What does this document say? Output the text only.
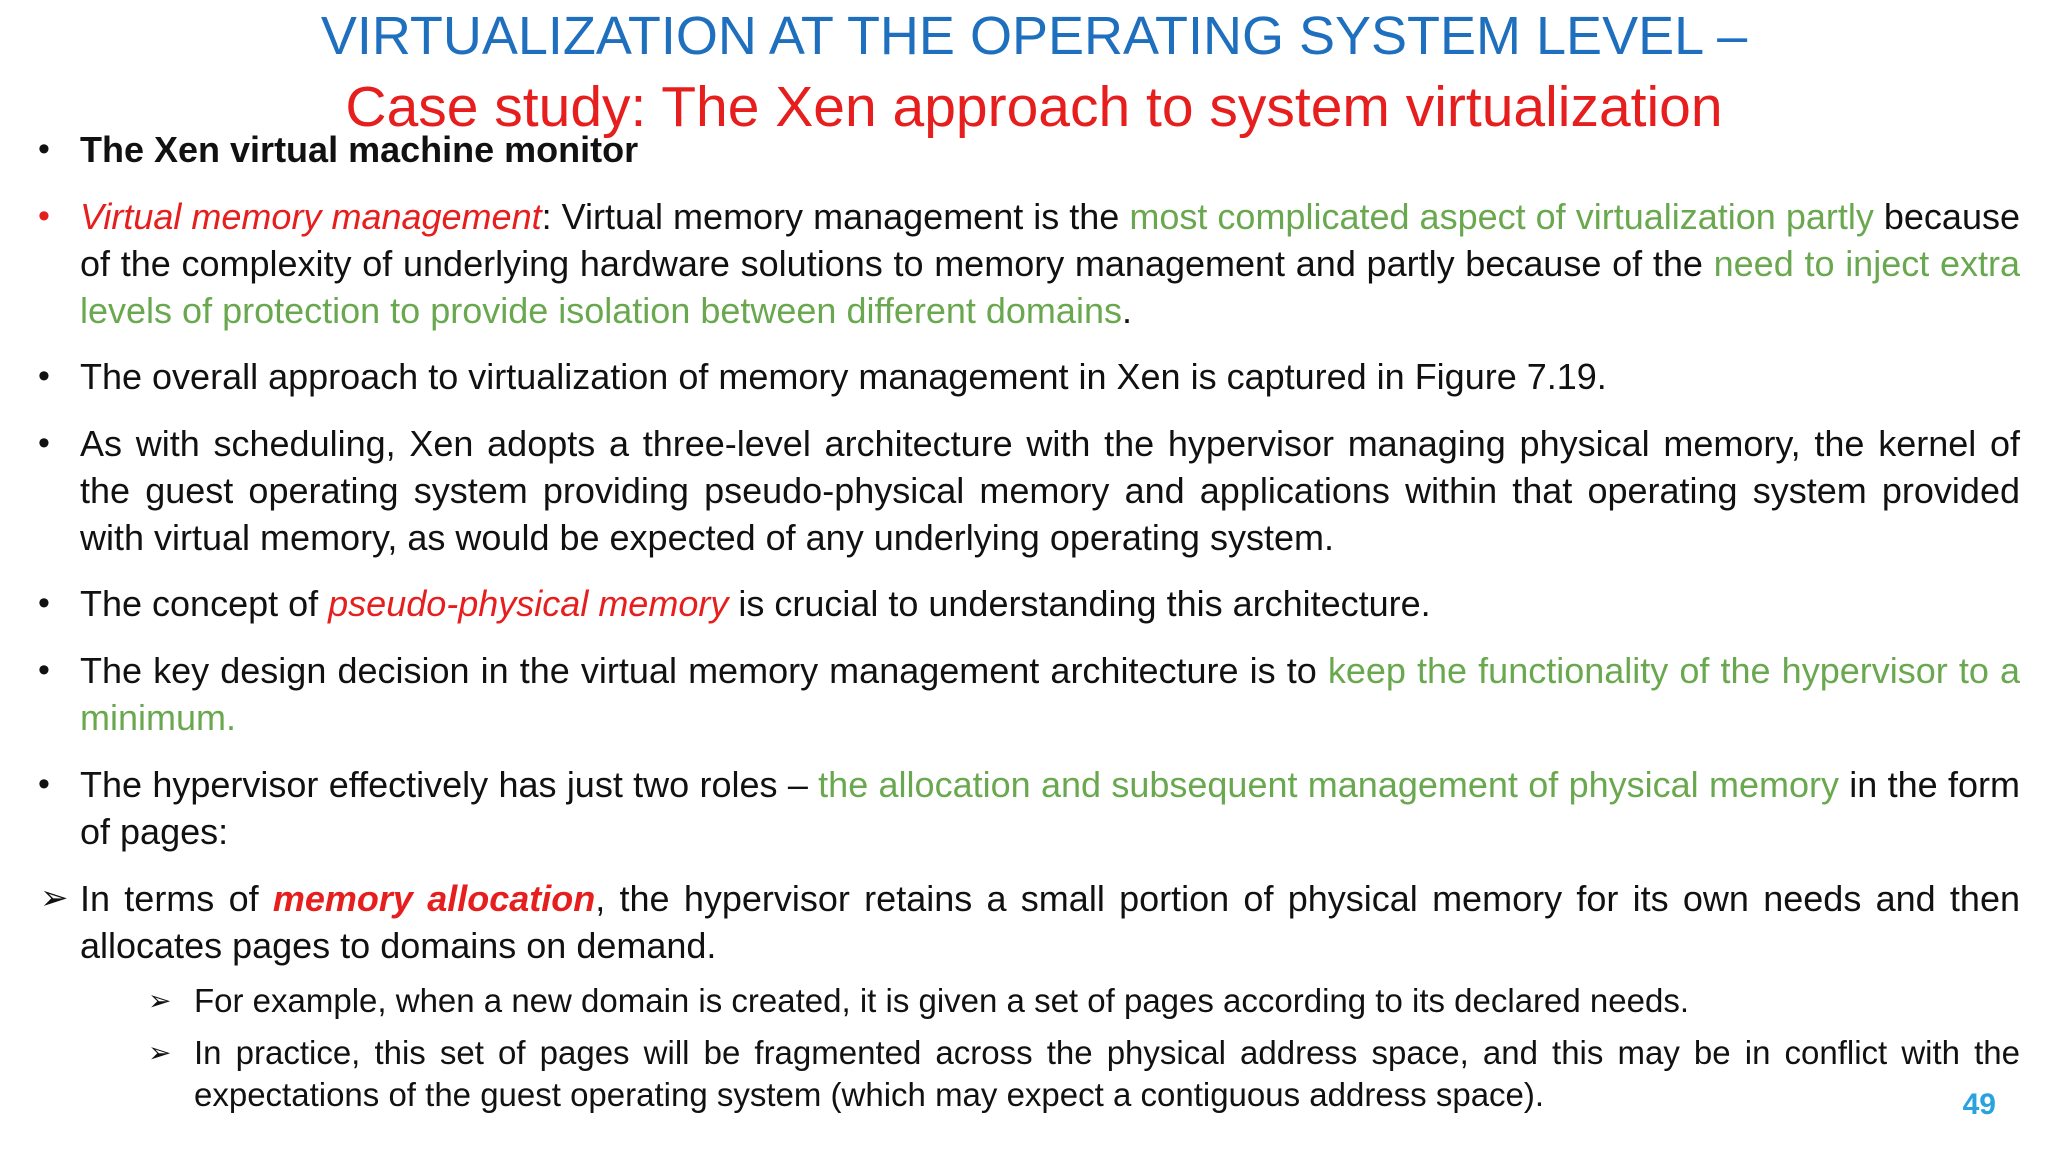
VIRTUALIZATION AT THE OPERATING SYSTEM LEVEL –
Case study: The Xen approach to system virtualization
• The Xen virtual machine monitor
• Virtual memory management: Virtual memory management is the most complicated aspect of virtualization partly because of the complexity of underlying hardware solutions to memory management and partly because of the need to inject extra levels of protection to provide isolation between different domains.
• The overall approach to virtualization of memory management in Xen is captured in Figure 7.19.
• As with scheduling, Xen adopts a three-level architecture with the hypervisor managing physical memory, the kernel of the guest operating system providing pseudo-physical memory and applications within that operating system provided with virtual memory, as would be expected of any underlying operating system.
• The concept of pseudo-physical memory is crucial to understanding this architecture.
• The key design decision in the virtual memory management architecture is to keep the functionality of the hypervisor to a minimum.
• The hypervisor effectively has just two roles – the allocation and subsequent management of physical memory in the form of pages:
➢ In terms of memory allocation, the hypervisor retains a small portion of physical memory for its own needs and then allocates pages to domains on demand.
➢ For example, when a new domain is created, it is given a set of pages according to its declared needs.
➢ In practice, this set of pages will be fragmented across the physical address space, and this may be in conflict with the expectations of the guest operating system (which may expect a contiguous address space).	49
